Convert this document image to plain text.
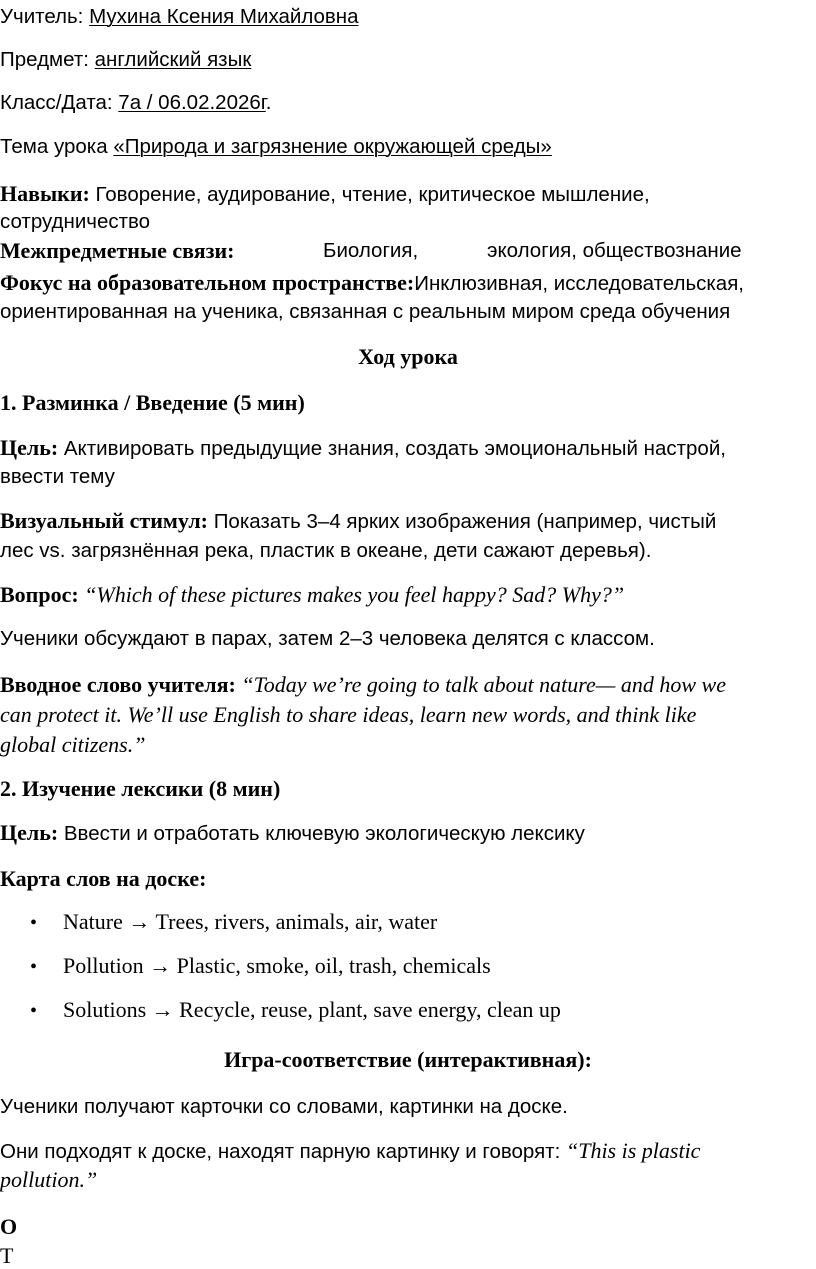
Учитель: Мухина Ксения Михайловна
Предмет: английский язык
Класс/Дата: 7а / 06.02.2026г.
Тема урока «Природа и загрязнение окружающей среды»
Навыки: Говорение, аудирование, чтение, критическое мышление,
сотрудничество
Межпредметные связи:	Биология,	экология, обществознание
Фокус на образовательном пространстве:Инклюзивная, исследовательская,
ориентированная на ученика, связанная с реальным миром среда обучения
Ход урока
1. Разминка / Введение (5 мин)
Цель: Активировать предыдущие знания, создать эмоциональный настрой,
ввести тему
Визуальный стимул: Показать 3–4 ярких изображения (например, чистый
лес vs. загрязнённая река, пластик в океане, дети сажают деревья).
Вопрос: “Which of these pictures makes you feel happy? Sad? Why?”
Ученики обсуждают в парах, затем 2–3 человека делятся с классом.
Вводное слово учителя: “Today we’re going to talk about nature— and how we
can protect it. We’ll use English to share ideas, learn new words, and think like
global citizens.”
2. Изучение лексики (8 мин)
Цель: Ввести и отработать ключевую экологическую лексику
Карта слов на доске:
• Nature → Trees, rivers, animals, air, water
• Pollution → Plastic, smoke, oil, trash, chemicals
• Solutions → Recycle, reuse, plant, save energy, clean up
Игра-соответствие (интерактивная):
Ученики получают карточки со словами, картинки на доске.
Они подходят к доске, находят парную картинку и говорят: “This is plastic
pollution.”
О
Т
